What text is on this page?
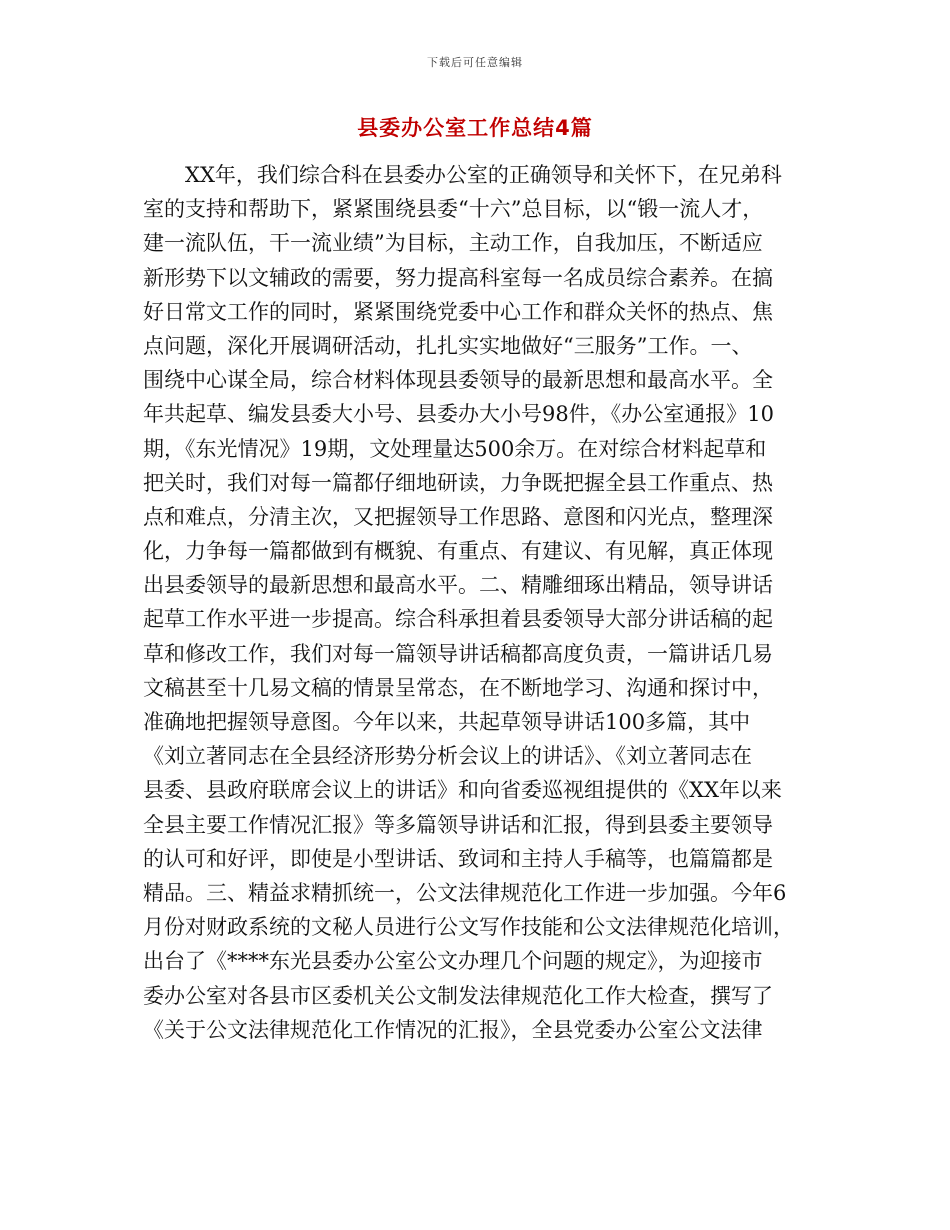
下载后可任意编辑
县委办公室工作总结4篇
XX年，我们综合科在县委办公室的正确领导和关怀下，在兄弟科
室的支持和帮助下，紧紧围绕县委“十六”总目标，以“锻一流人才，
建一流队伍，干一流业绩”为目标，主动工作，自我加压，不断适应
新形势下以文辅政的需要，努力提高科室每一名成员综合素养。在搞
好日常文工作的同时，紧紧围绕党委中心工作和群众关怀的热点、焦
点问题，深化开展调研活动，扎扎实实地做好“三服务”工作。一、
围绕中心谋全局，综合材料体现县委领导的最新思想和最高水平。全
年共起草、编发县委大小号、县委办大小号98件，《办公室通报》10
期，《东光情况》19期，文处理量达500余万。在对综合材料起草和
把关时，我们对每一篇都仔细地研读，力争既把握全县工作重点、热
点和难点，分清主次，又把握领导工作思路、意图和闪光点，整理深
化，力争每一篇都做到有概貌、有重点、有建议、有见解，真正体现
出县委领导的最新思想和最高水平。二、精雕细琢出精品，领导讲话
起草工作水平进一步提高。综合科承担着县委领导大部分讲话稿的起
草和修改工作，我们对每一篇领导讲话稿都高度负责，一篇讲话几易
文稿甚至十几易文稿的情景呈常态，在不断地学习、沟通和探讨中，
准确地把握领导意图。今年以来，共起草领导讲话100多篇，其中
《刘立著同志在全县经济形势分析会议上的讲话》、《刘立著同志在
县委、县政府联席会议上的讲话》和向省委巡视组提供的《XX年以来
全县主要工作情况汇报》等多篇领导讲话和汇报，得到县委主要领导
的认可和好评，即使是小型讲话、致词和主持人手稿等，也篇篇都是
精品。三、精益求精抓统一，公文法律规范化工作进一步加强。今年6
月份对财政系统的文秘人员进行公文写作技能和公文法律规范化培训，
出台了《****东光县委办公室公文办理几个问题的规定》，为迎接市
委办公室对各县市区委机关公文制发法律规范化工作大检查，撰写了
《关于公文法律规范化工作情况的汇报》，全县党委办公室公文法律
